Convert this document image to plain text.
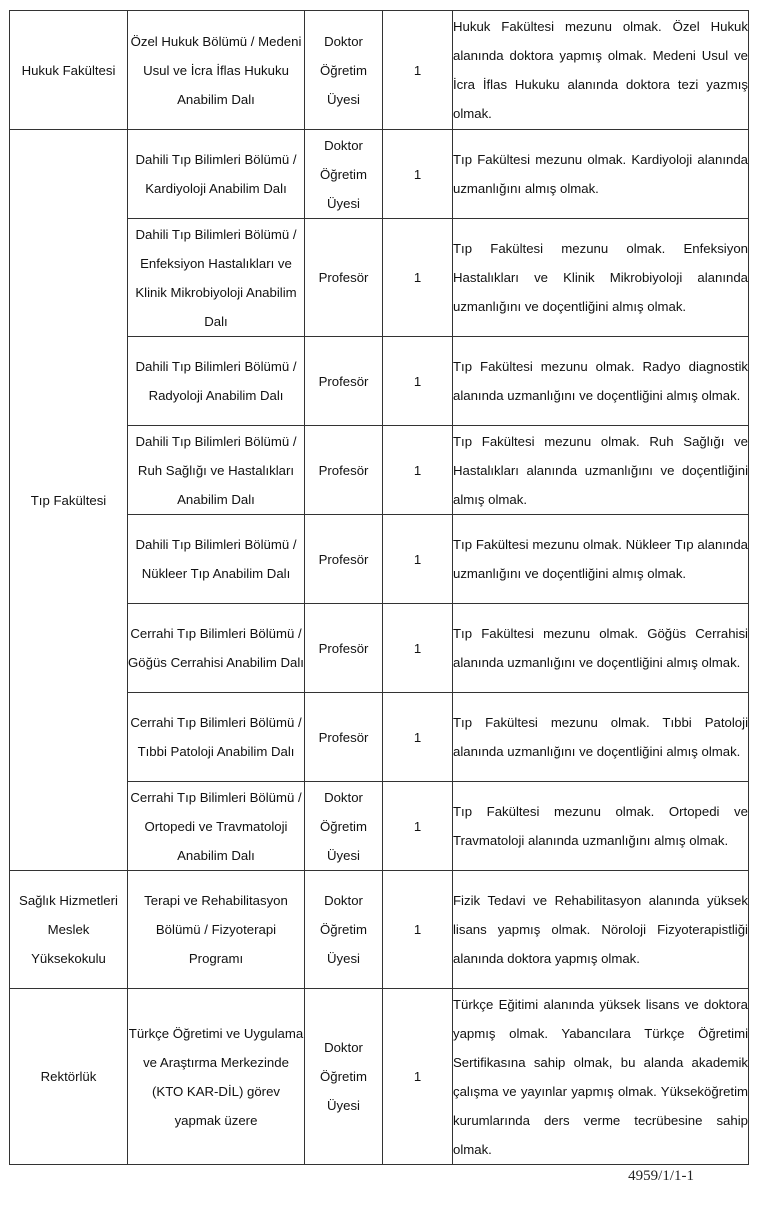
Hukuk Fakültesi	Özel Hukuk Bölümü / Medeni Usul ve İcra İflas Hukuku Anabilim Dalı	Doktor Öğretim Üyesi	1	Hukuk Fakültesi mezunu olmak. Özel Hukuk alanında doktora yapmış olmak. Medeni Usul ve İcra İflas Hukuku alanında doktora tezi yazmış olmak.
Tıp Fakültesi	Dahili Tıp Bilimleri Bölümü / Kardiyoloji Anabilim Dalı	Doktor Öğretim Üyesi	1	Tıp Fakültesi mezunu olmak. Kardiyoloji alanında uzmanlığını almış olmak.
	Dahili Tıp Bilimleri Bölümü / Enfeksiyon Hastalıkları ve Klinik Mikrobiyoloji Anabilim Dalı	Profesör	1	Tıp Fakültesi mezunu olmak. Enfeksiyon Hastalıkları ve Klinik Mikrobiyoloji alanında uzmanlığını ve doçentliğini almış olmak.
	Dahili Tıp Bilimleri Bölümü / Radyoloji Anabilim Dalı	Profesör	1	Tıp Fakültesi mezunu olmak. Radyo diagnostik alanında uzmanlığını ve doçentliğini almış olmak.
	Dahili Tıp Bilimleri Bölümü / Ruh Sağlığı ve Hastalıkları Anabilim Dalı	Profesör	1	Tıp Fakültesi mezunu olmak. Ruh Sağlığı ve Hastalıkları alanında uzmanlığını ve doçentliğini almış olmak.
	Dahili Tıp Bilimleri Bölümü / Nükleer Tıp Anabilim Dalı	Profesör	1	Tıp Fakültesi mezunu olmak. Nükleer Tıp alanında uzmanlığını ve doçentliğini almış olmak.
	Cerrahi Tıp Bilimleri Bölümü / Göğüs Cerrahisi Anabilim Dalı	Profesör	1	Tıp Fakültesi mezunu olmak. Göğüs Cerrahisi alanında uzmanlığını ve doçentliğini almış olmak.
	Cerrahi Tıp Bilimleri Bölümü / Tıbbi Patoloji Anabilim Dalı	Profesör	1	Tıp Fakültesi mezunu olmak. Tıbbi Patoloji alanında uzmanlığını ve doçentliğini almış olmak.
	Cerrahi Tıp Bilimleri Bölümü / Ortopedi ve Travmatoloji Anabilim Dalı	Doktor Öğretim Üyesi	1	Tıp Fakültesi mezunu olmak. Ortopedi ve Travmatoloji alanında uzmanlığını almış olmak.
Sağlık Hizmetleri Meslek Yüksekokulu	Terapi ve Rehabilitasyon Bölümü / Fizyoterapi Programı	Doktor Öğretim Üyesi	1	Fizik Tedavi ve Rehabilitasyon alanında yüksek lisans yapmış olmak. Nöroloji Fizyoterapistliği alanında doktora yapmış olmak.
Rektörlük	Türkçe Öğretimi ve Uygulama ve Araştırma Merkezinde (KTO KAR-DİL) görev yapmak üzere	Doktor Öğretim Üyesi	1	Türkçe Eğitimi alanında yüksek lisans ve doktora yapmış olmak. Yabancılara Türkçe Öğretimi Sertifikasına sahip olmak, bu alanda akademik çalışma ve yayınlar yapmış olmak. Yükseköğretim kurumlarında ders verme tecrübesine sahip olmak.
4959/1/1-1
